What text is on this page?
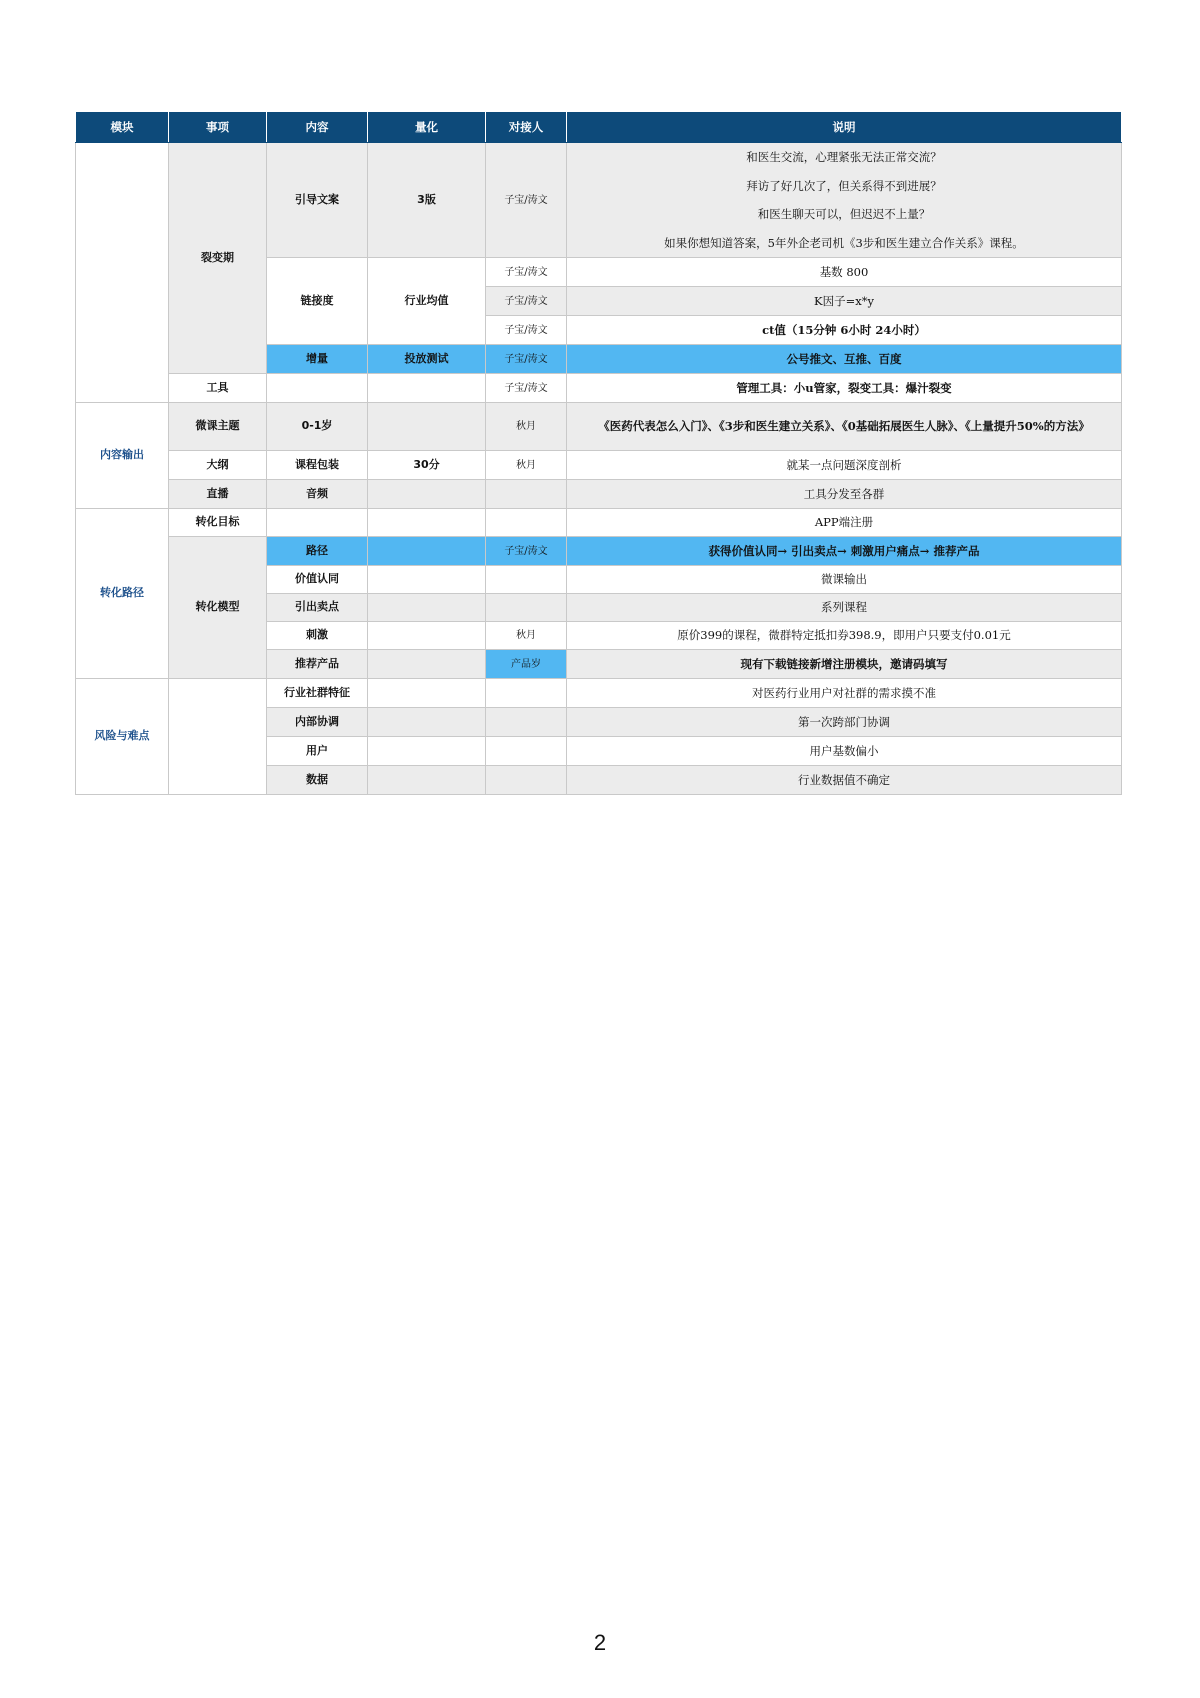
模块	事项	内容	量化	对接人	说明
	裂变期	引导文案	3版	子宝/涛文	和医生交流，心理紧张无法正常交流？
拜访了好几次了，但关系得不到进展？
和医生聊天可以，但迟迟不上量？
如果你想知道答案，5年外企老司机《3步和医生建立合作关系》课程。

		链接度	行业均值	子宝/涛文	基数 800
				子宝/涛文	K因子=x*y
				子宝/涛文	ct值（15分钟 6小时 24小时）
		增量	投放测试	子宝/涛文	公号推文、互推、百度
	工具			子宝/涛文	管理工具：小u管家，裂变工具：爆汁裂变
内容输出	微课主题	0-1岁		秋月	《医药代表怎么入门》、《3步和医生建立关系》、《0基础拓展医生人脉》、《上量提升50%的方法》
	大纲	课程包装	30分	秋月	就某一点问题深度剖析
	直播	音频			工具分发至各群
转化路径	转化目标				APP端注册
	转化模型	路径		子宝/涛文	获得价值认同→ 引出卖点→ 刺激用户痛点→ 推荐产品
		价值认同			微课输出
		引出卖点			系列课程
		刺激		秋月	原价399的课程，微群特定抵扣券398.9，即用户只要支付0.01元
		推荐产品		产品岁	现有下载链接新增注册模块，邀请码填写
风险与难点		行业社群特征			对医药行业用户对社群的需求摸不准
		内部协调			第一次跨部门协调
		用户			用户基数偏小
		数据			行业数据值不确定
2
